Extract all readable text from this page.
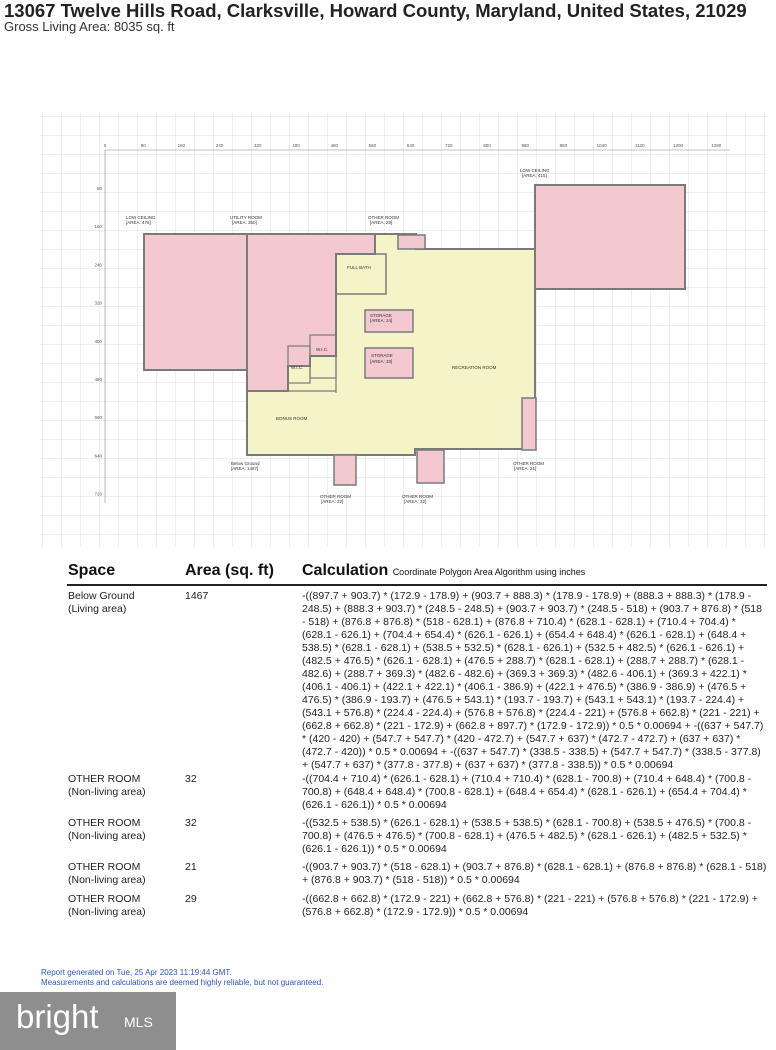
13067 Twelve Hills Road, Clarksville, Howard County, Maryland, United States, 21029
Gross Living Area: 8035 sq. ft
0	80	160	240	320	400	480	560	640	720	800	880	960	1040	1120	1200	1280
80
160
240
320
400
480
560
640
720
LOW CEILING
[AREA: 476]
UTILITY ROOM
[AREA: 350]
OTHER ROOM
[AREA: 29]
LOW CEILING
[AREA: 415]
FULL BATH
STORAGE
[AREA: 24]
STORAGE
[AREA: 33]
W.I.C.
W.I.C.
RECREATION ROOM
BONUS ROOM
Below Ground
[AREA: 1467]
OTHER ROOM
[AREA: 21]
OTHER ROOM
[AREA: 32]
OTHER ROOM
[AREA: 32]
Space	Area (sq. ft) Calculation Coordinate Polygon Area Algorithm using inches
Below Ground
(Living area)
1467	-((897.7 + 903.7) * (172.9 - 178.9) + (903.7 + 888.3) * (178.9 - 178.9) + (888.3 + 888.3) * (178.9 - 248.5) + (888.3 + 903.7) * (248.5 - 248.5) + (903.7 + 903.7) * (248.5 - 518) + (903.7 + 876.8) * (518 - 518) + (876.8 + 876.8) * (518 - 628.1) + (876.8 + 710.4) * (628.1 - 628.1) + (710.4 + 704.4) * (628.1 - 626.1) + (704.4 + 654.4) * (626.1 - 626.1) + (654.4 + 648.4) * (626.1 - 628.1) + (648.4 + 538.5) * (628.1 - 628.1) + (538.5 + 532.5) * (628.1 - 626.1) + (532.5 + 482.5) * (626.1 - 626.1) + (482.5 + 476.5) * (626.1 - 628.1) + (476.5 + 288.7) * (628.1 - 628.1) + (288.7 + 288.7) * (628.1 - 482.6) + (288.7 + 369.3) * (482.6 - 482.6) + (369.3 + 369.3) * (482.6 - 406.1) + (369.3 + 422.1) * (406.1 - 406.1) + (422.1 + 422.1) * (406.1 - 386.9) + (422.1 + 476.5) * (386.9 - 386.9) + (476.5 + 476.5) * (386.9 - 193.7) + (476.5 + 543.1) * (193.7 - 193.7) + (543.1 + 543.1) * (193.7 - 224.4) + (543.1 + 576.8) * (224.4 - 224.4) + (576.8 + 576.8) * (224.4 - 221) + (576.8 + 662.8) * (221 - 221) + (662.8 + 662.8) * (221 - 172.9) + (662.8 + 897.7) * (172.9 - 172.9)) * 0.5 * 0.00694 + -((637 + 547.7) * (420 - 420) + (547.7 + 547.7) * (420 - 472.7) + (547.7 + 637) * (472.7 - 472.7) + (637 + 637) * (472.7 - 420)) * 0.5 * 0.00694 + -((637 + 547.7) * (338.5 - 338.5) + (547.7 + 547.7) * (338.5 - 377.8) + (547.7 + 637) * (377.8 - 377.8) + (637 + 637) * (377.8 - 338.5)) * 0.5 * 0.00694
OTHER ROOM
(Non-living area)
32	-((704.4 + 710.4) * (626.1 - 628.1) + (710.4 + 710.4) * (628.1 - 700.8) + (710.4 + 648.4) * (700.8 - 700.8) + (648.4 + 648.4) * (700.8 - 628.1) + (648.4 + 654.4) * (628.1 - 626.1) + (654.4 + 704.4) * (626.1 - 626.1)) * 0.5 * 0.00694
OTHER ROOM
(Non-living area)
32	-((532.5 + 538.5) * (626.1 - 628.1) + (538.5 + 538.5) * (628.1 - 700.8) + (538.5 + 476.5) * (700.8 - 700.8) + (476.5 + 476.5) * (700.8 - 628.1) + (476.5 + 482.5) * (628.1 - 626.1) + (482.5 + 532.5) * (626.1 - 626.1)) * 0.5 * 0.00694
OTHER ROOM
(Non-living area)
21	-((903.7 + 903.7) * (518 - 628.1) + (903.7 + 876.8) * (628.1 - 628.1) + (876.8 + 876.8) * (628.1 - 518) + (876.8 + 903.7) * (518 - 518)) * 0.5 * 0.00694
OTHER ROOM
(Non-living area)
29	-((662.8 + 662.8) * (172.9 - 221) + (662.8 + 576.8) * (221 - 221) + (576.8 + 576.8) * (221 - 172.9) + (576.8 + 662.8) * (172.9 - 172.9)) * 0.5 * 0.00694
Report generated on Tue, 25 Apr 2023 11:19:44 GMT.
Measurements and calculations are deemed highly reliable, but not guaranteed.
bright MLS
